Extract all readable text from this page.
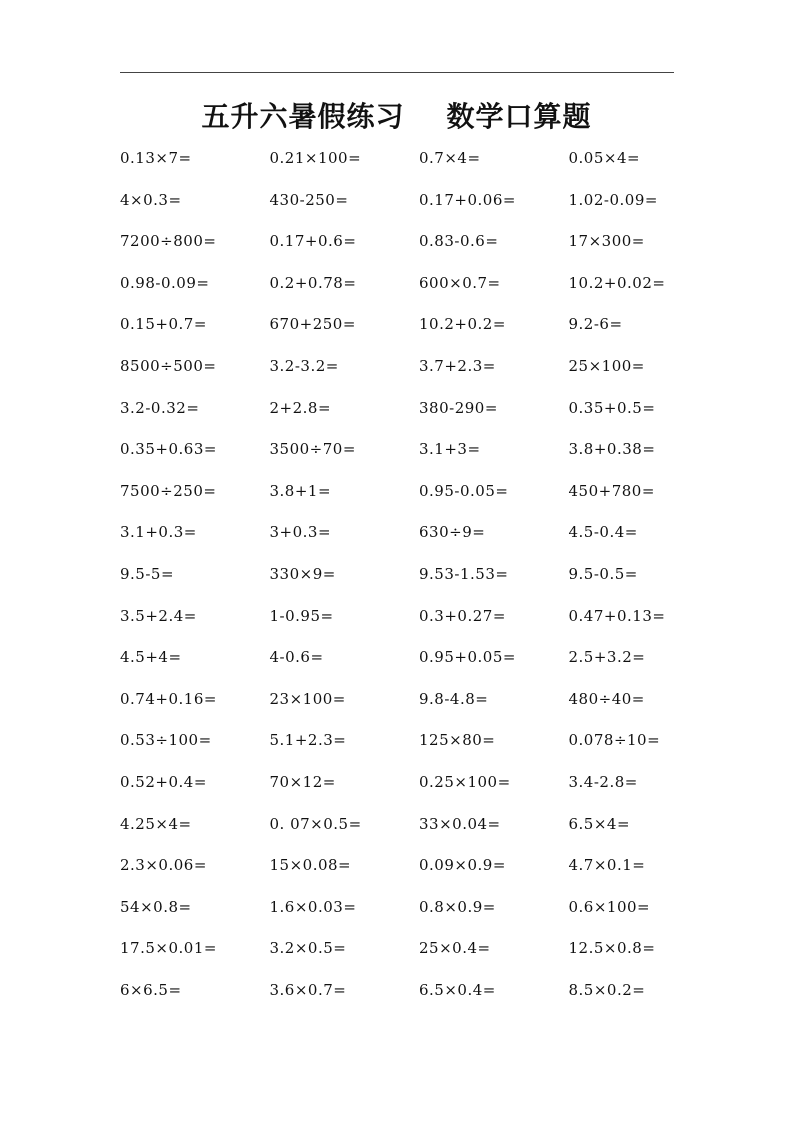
五升六暑假练习 数学口算题
0.13×7=	0.21×100=	0.7×4=	0.05×4=
4×0.3=	430-250=	0.17+0.06=	1.02-0.09=
7200÷800=	0.17+0.6=	0.83-0.6=	17×300=
0.98-0.09=	0.2+0.78=	600×0.7=	10.2+0.02=
0.15+0.7=	670+250=	10.2+0.2=	9.2-6=
8500÷500=	3.2-3.2=	3.7+2.3=	25×100=
3.2-0.32=	2+2.8=	380-290=	0.35+0.5=
0.35+0.63=	3500÷70=	3.1+3=	3.8+0.38=
7500÷250=	3.8+1=	0.95-0.05=	450+780=
3.1+0.3=	3+0.3=	630÷9=	4.5-0.4=
9.5-5=	330×9=	9.53-1.53=	9.5-0.5=
3.5+2.4=	1-0.95=	0.3+0.27=	0.47+0.13=
4.5+4=	4-0.6=	0.95+0.05=	2.5+3.2=
0.74+0.16=	23×100=	9.8-4.8=	480÷40=
0.53÷100=	5.1+2.3=	125×80=	0.078÷10=
0.52+0.4=	70×12=	0.25×100=	3.4-2.8=
4.25×4=	0. 07×0.5=	33×0.04=	6.5×4=
2.3×0.06=	15×0.08=	0.09×0.9=	4.7×0.1=
54×0.8=	1.6×0.03=	0.8×0.9=	0.6×100=
17.5×0.01=	3.2×0.5=	25×0.4=	12.5×0.8=
6×6.5=	3.6×0.7=	6.5×0.4=	8.5×0.2=
